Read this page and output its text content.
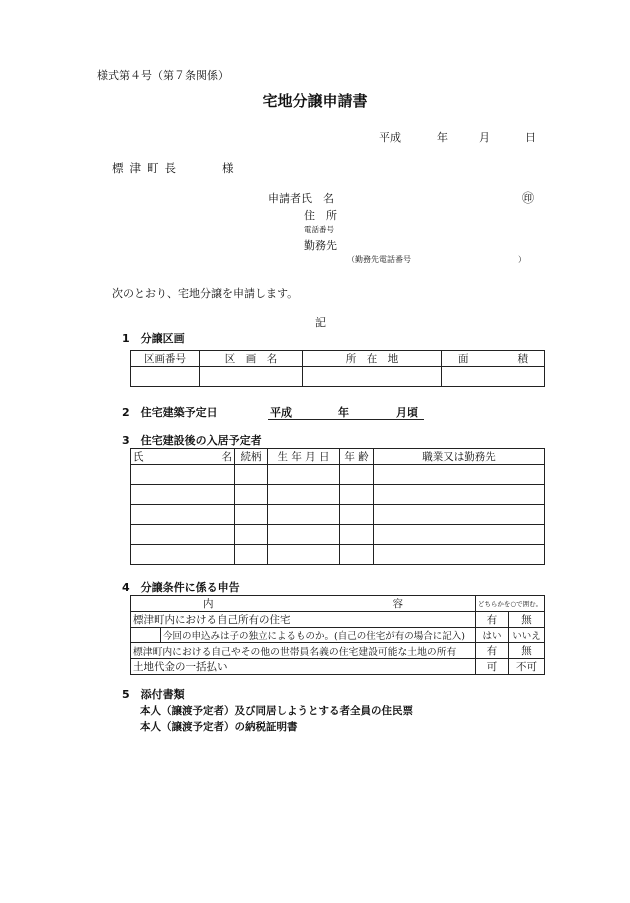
様式第４号（第７条関係）
宅地分譲申請書
平成	年	月	日
標津町長	様
申請者氏　名	㊞
住　所
電話番号
勤務先
（勤務先電話番号	）
次のとおり、宅地分譲を申請します。
記
1　分譲区画
区画番号	区　画　名	所　在　地	面 積

2　住宅建築予定日	平成	年	月頃
3　住宅建設後の入居予定者
氏 名	続柄	生 年 月 日	年 齢	職業又は勤務先

4　分譲条件に係る申告
内 容		どちらかを○で囲む。	
標津町内における自己所有の住宅		有	無
	今回の申込みは子の独立によるものか。(自己の住宅が有の場合に記入)	はい	いいえ
標津町内における自己やその他の世帯員名義の住宅建設可能な土地の所有		有	無
土地代金の一括払い		可	不可
5　添付書類
本人（譲渡予定者）及び同居しようとする者全員の住民票
本人（譲渡予定者）の納税証明書
